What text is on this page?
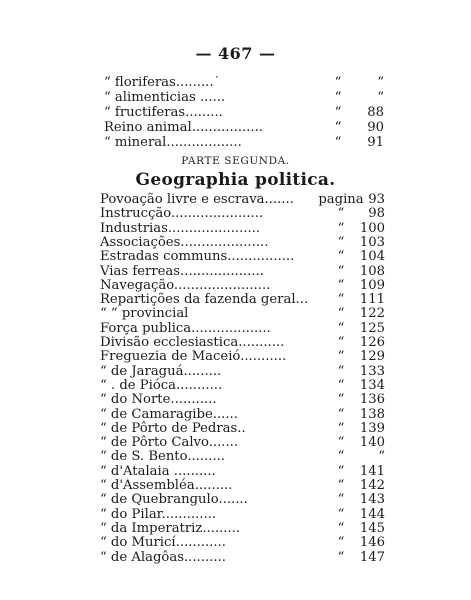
— 467 —
“ floriferas.........˙	“	“
“ alimenticias ......	“	“
“ fructiferas.........	“	88
Reino animal.................	“	90
“ mineral..................	“	91
PARTE SEGUNDA.
Geographia politica.
Povoação livre e escrava....... pagina 93
Instrucção......................	“	98
Industrias......................	“	100
Associações.....................	“	103
Estradas communs................	“	104
Vias ferreas....................	“	108
Navegação.......................	“	109
Repartições da fazenda geral...	“	111
“ “ provincial	“	122
Força publica...................	“	125
Divisão ecclesiastica...........	“	126
Freguezia de Maceió...........	“	129
“ de Jaraguá.........	“	133
“ . de Pióca...........	“	134
“ do Norte...........	“	136
“ de Camaragibe......	“	138
“ de Pôrto de Pedras..	“	139
“ de Pôrto Calvo.......	“	140
“ de S. Bento.........	“	“
“ d'Atalaia ..........	“	141
“ d'Assembléa.........	“	142
“ de Quebrangulo.......	“	143
“ do Pilar.............	“	144
“ da Imperatriz.........	“	145
“ do Muricí............	“	146
“ de Alagôas..........	“	147
